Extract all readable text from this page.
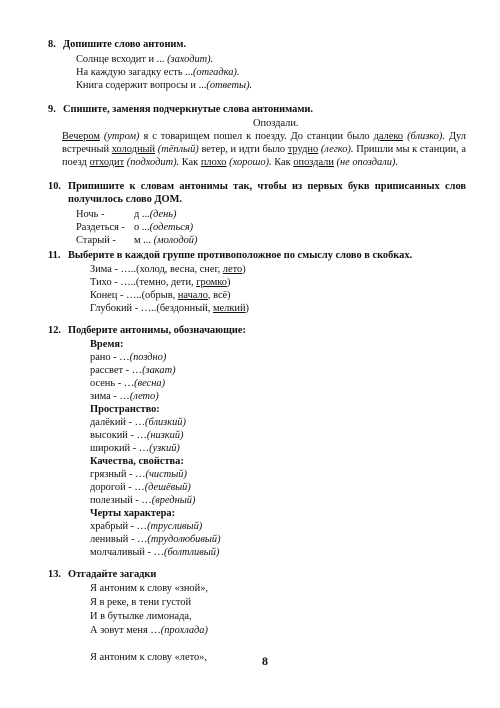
8. Допишите слово антоним.
Солнце всходит и ... (заходит).
На каждую загадку есть ...(отгадка).
Книга содержит вопросы и ...(ответы).
9. Спишите, заменяя подчеркнутые слова антонимами.
Опоздали.
Вечером (утром) я с товарищем пошел к поезду. До станции было далеко (близко). Дул
встречный холодный (тёплый) ветер, и идти было трудно (легко). Пришли мы к станции, а
поезд отходит (подходит). Как плохо (хорошо). Как опоздали (не опоздали).
10. Припишите к словам антонимы так, чтобы из первых букв приписанных слов
получилось слово ДОМ.
Ночь -	д ...(день)
Раздеться - о ...(одеться)
Старый - м ... (молодой)
11. Выберите в каждой группе противоположное по смыслу слово в скобках.
Зима - …..(холод, весна, снег, лето)
Тихо - …..(темно, дети, громко)
Конец - …..(обрыв, начало, всё)
Глубокий - …..(бездонный, мелкий)
12. Подберите антонимы, обозначающие:
Время:
рано - …(поздно)
рассвет - …(закат)
осень - …(весна)
зима - …(лето)
Пространство:
далёкий - …(близкий)
высокий - …(низкий)
широкий - …(узкий)
Качества, свойства:
грязный - …(чистый)
дорогой - …(дешёвый)
полезный - …(вредный)
Черты характера:
храбрый - …(трусливый)
ленивый - …(трудолюбивый)
молчаливый - …(болтливый)
13. Отгадайте загадки
Я антоним к слову «зной»,
Я в реке, в тени густой
И в бутылке лимонада,
А зовут меня …(прохлада)
Я антоним к слову «лето»,	8
